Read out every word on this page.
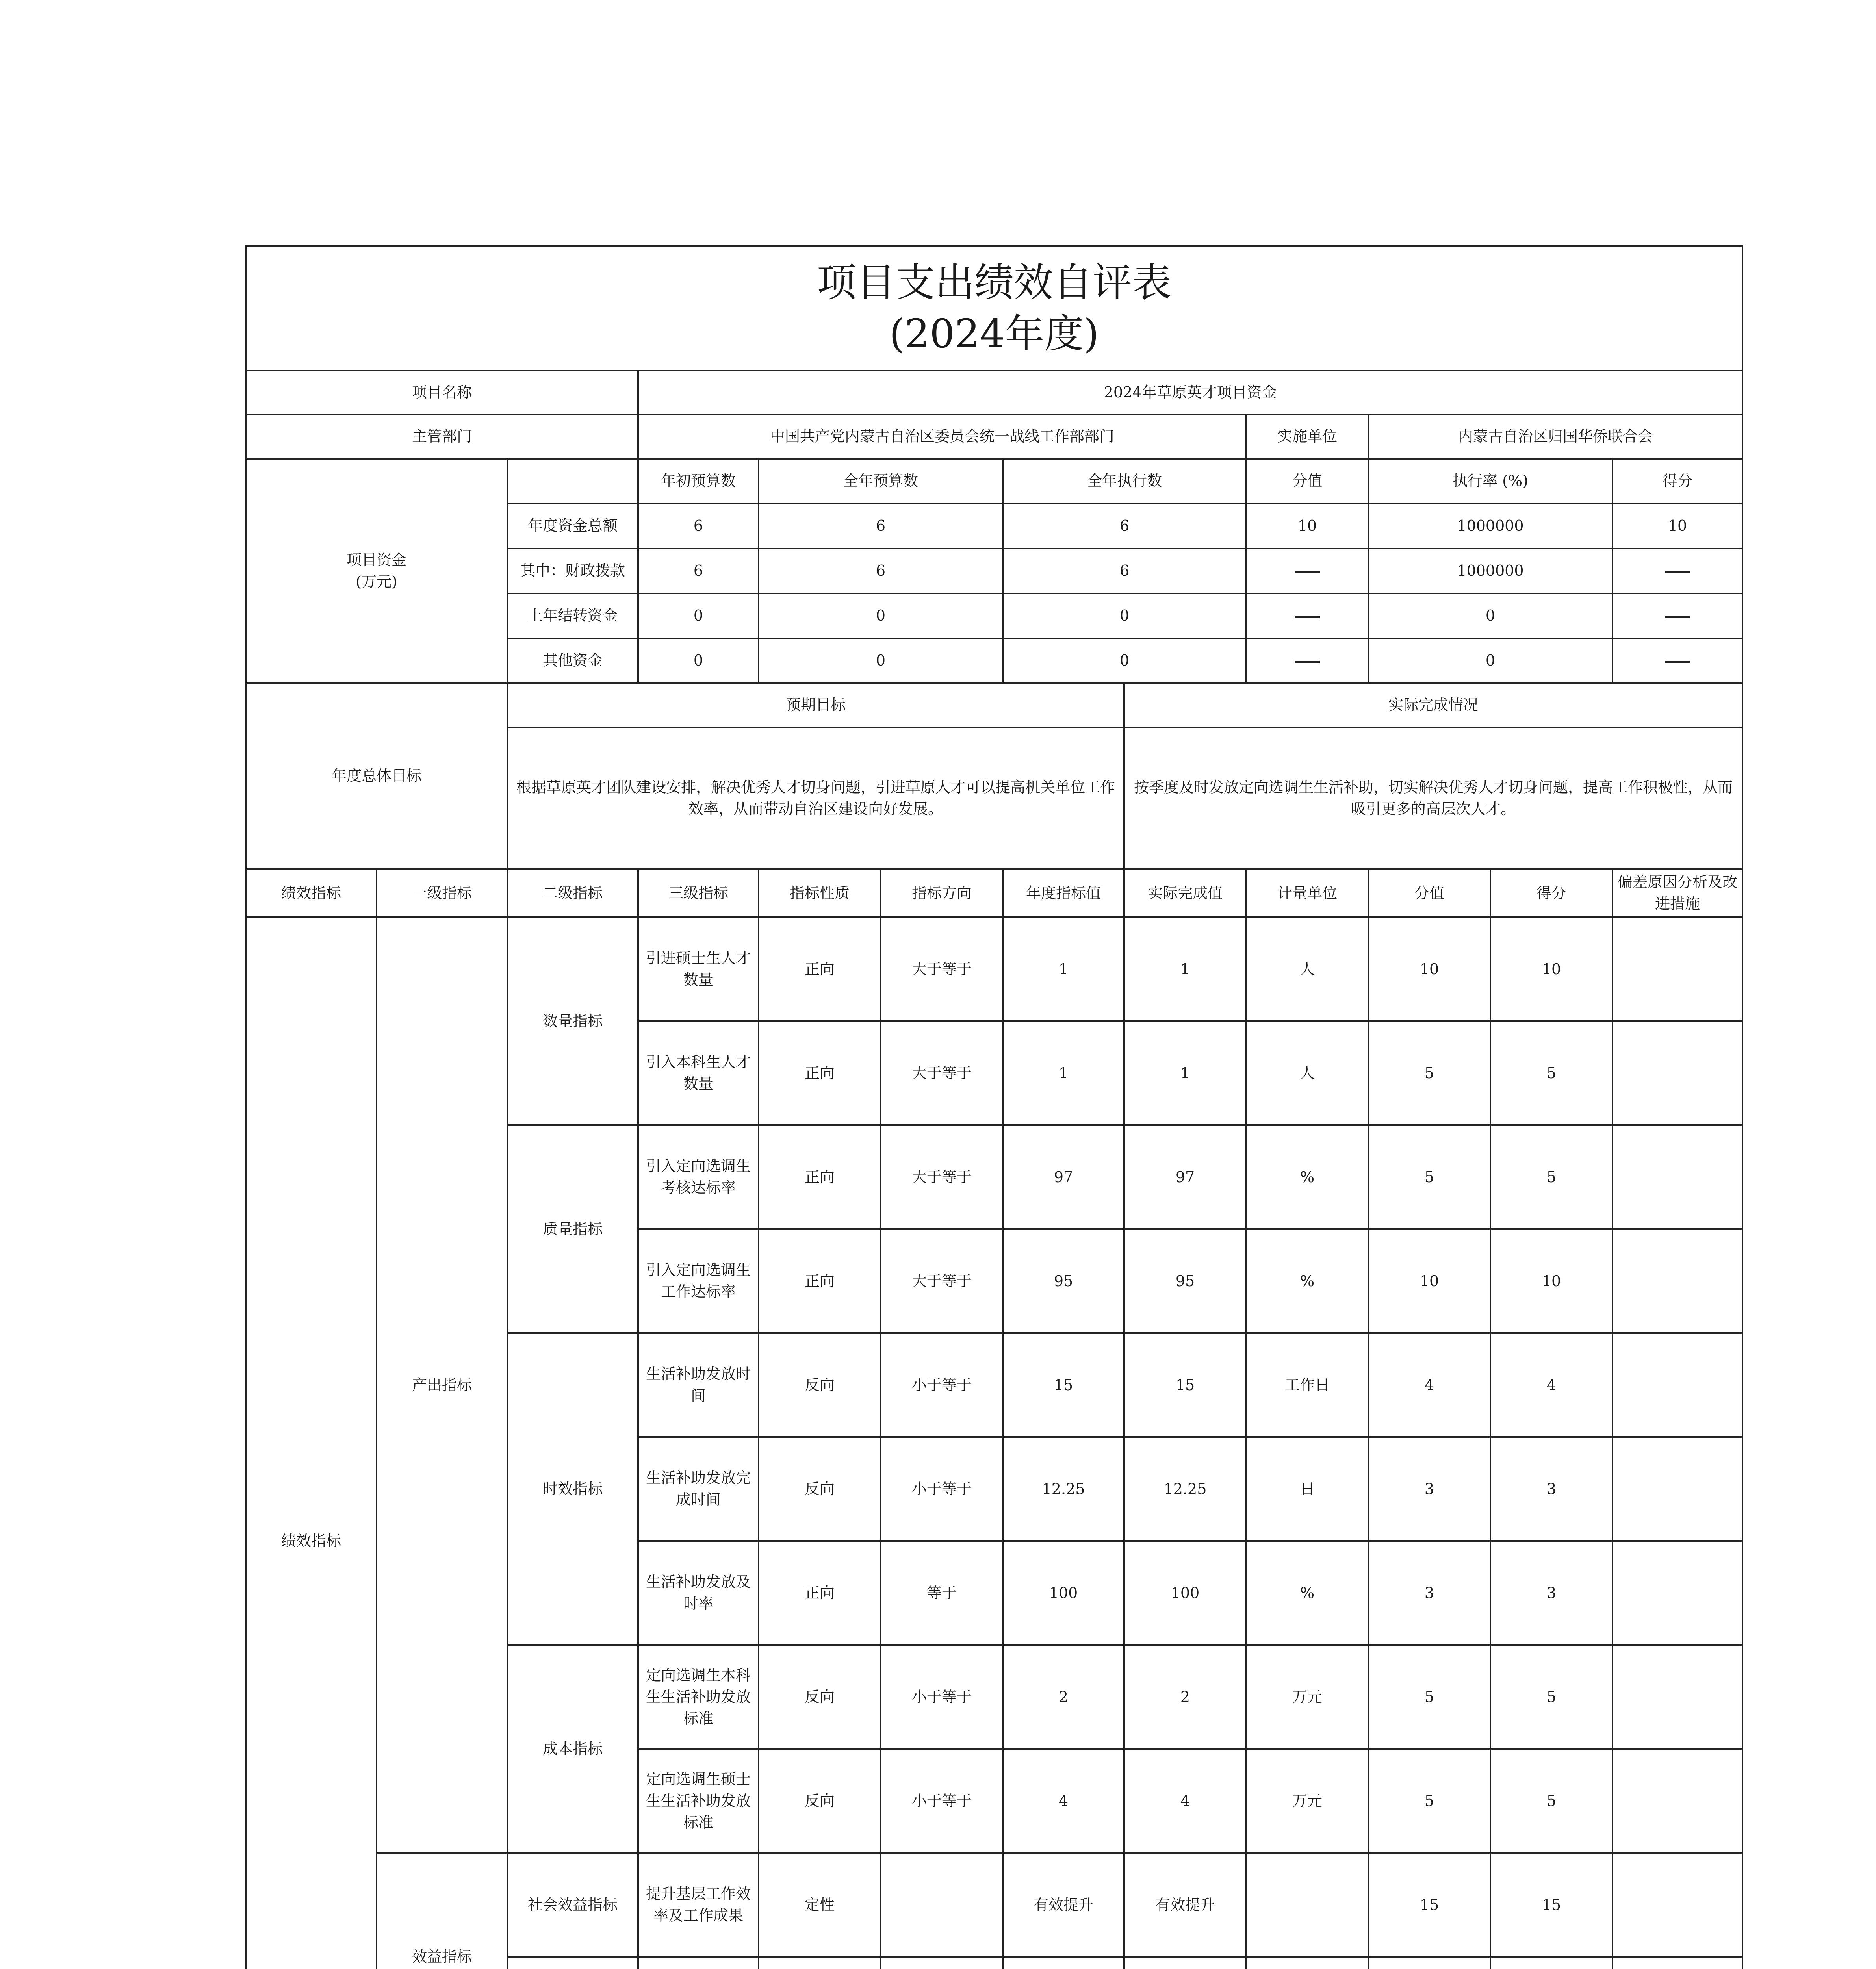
项目支出绩效自评表
(2024年度)											

项目名称			2024年草原英才项目资金								
主管部门			中国共产党内蒙古自治区委员会统一战线工作部部门					实施单位	内蒙古自治区归国华侨联合会		
项目资金
(万元)			年初预算数	全年预算数		全年执行数		分值	执行率 (%)		得分
		年度资金总额	6	6		6		10	1000000		10
		其中：财政拨款	6	6		6			1000000	
		上年结转资金	0	0		0			0	
		其他资金	0	0		0			0	
年度总体目标		预期目标					实际完成情况				
		根据草原英才团队建设安排，解决优秀人才切身问题，引进草原人才可以提高机关单位工作效率，从而带动自治区建设向好发展。					按季度及时发放定向选调生生活补助，切实解决优秀人才切身问题，提高工作积极性，从而吸引更多的高层次人才。				
绩效指标	一级指标	二级指标	三级指标	指标性质	指标方向	年度指标值	实际完成值	计量单位	分值	得分	偏差原因分析及改进措施
绩效指标	产出指标	数量指标	引进硕士生人才数量	正向	大于等于	1	1	人	10	10	
			引入本科生人才数量	正向	大于等于	1	1	人	5	5	
		质量指标	引入定向选调生考核达标率	正向	大于等于	97	97	%	5	5	
			引入定向选调生工作达标率	正向	大于等于	95	95	%	10	10	
		时效指标	生活补助发放时间	反向	小于等于	15	15	工作日	4	4	
			生活补助发放完成时间	反向	小于等于	12.25	12.25	日	3	3	
			生活补助发放及时率	正向	等于	100	100	%	3	3	
		成本指标	定向选调生本科生生活补助发放标准	反向	小于等于	2	2	万元	5	5	
			定向选调生硕士生生活补助发放标准	反向	小于等于	4	4	万元	5	5	
	效益指标	社会效益指标	提升基层工作效率及工作成果	定性		有效提升	有效提升		15	15	
